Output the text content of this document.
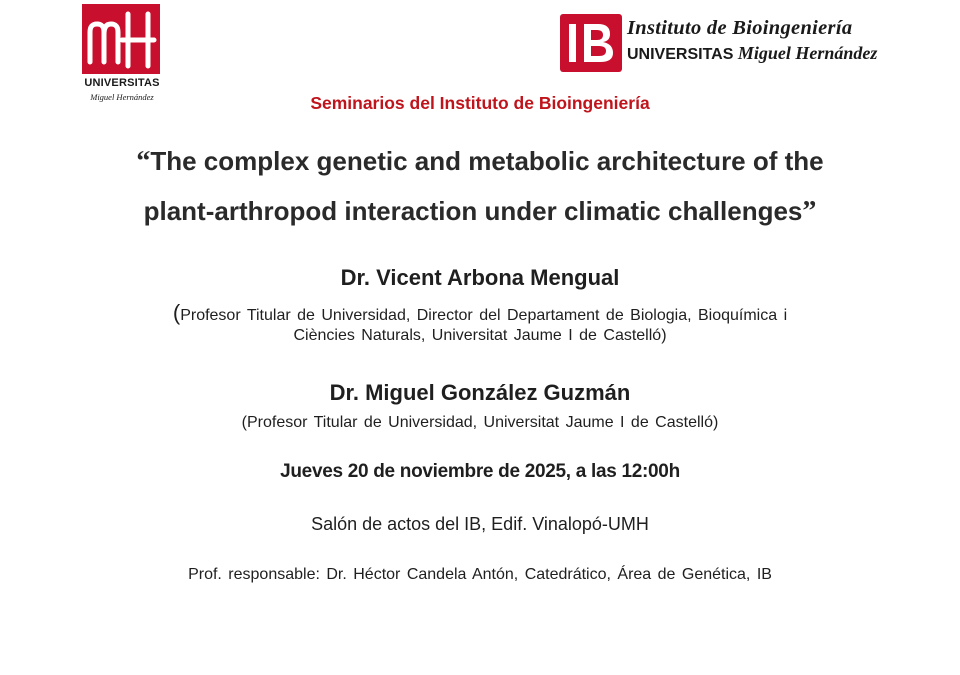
UNIVERSITAS
Miguel Hernández
Instituto de Bioingeniería
UNIVERSITAS Miguel Hernández
Seminarios del Instituto de Bioingeniería
“The complex genetic and metabolic architecture of the
plant-arthropod interaction under climatic challenges”
Dr. Vicent Arbona Mengual
(Profesor Titular de Universidad, Director del Departament de Biologia, Bioquímica i
Ciències Naturals, Universitat Jaume I de Castelló)
Dr. Miguel González Guzmán
(Profesor Titular de Universidad, Universitat Jaume I de Castelló)
Jueves 20 de noviembre de 2025, a las 12:00h
Salón de actos del IB, Edif. Vinalopó-UMH
Prof. responsable: Dr. Héctor Candela Antón, Catedrático, Área de Genética, IB
